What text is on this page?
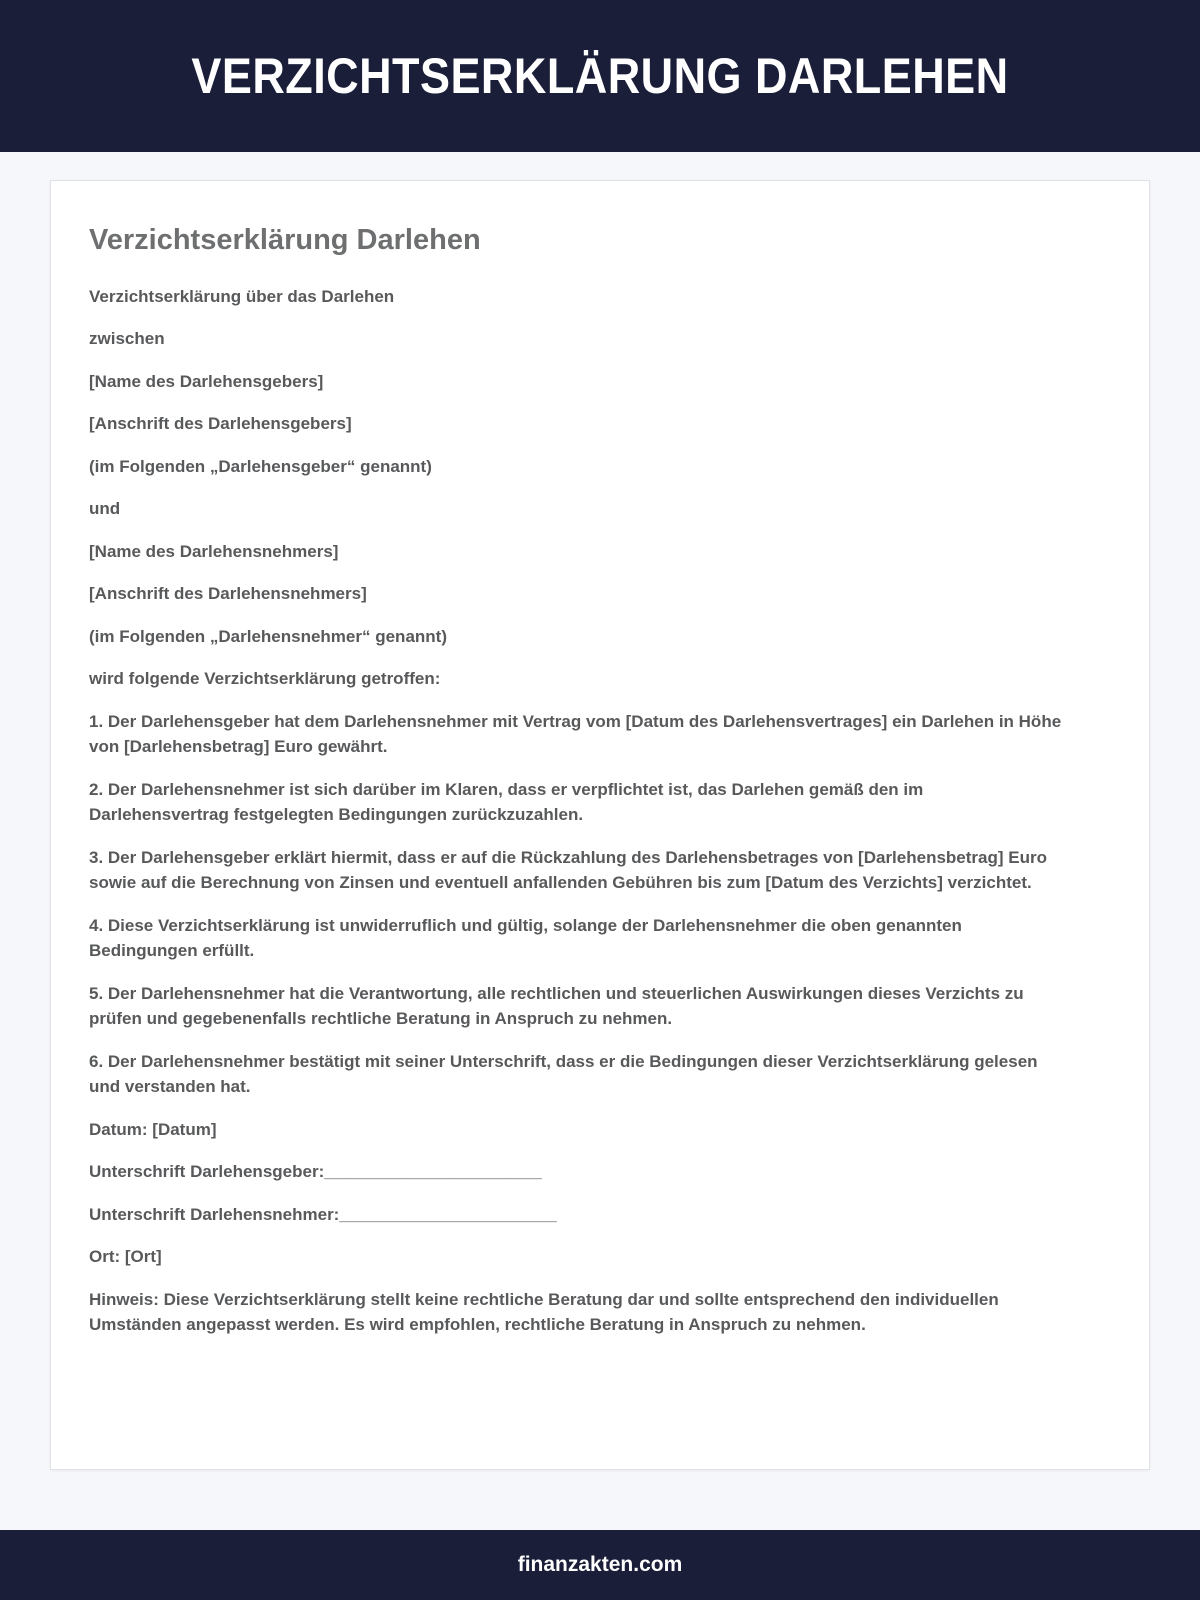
VERZICHTSERKLÄRUNG DARLEHEN
Verzichtserklärung Darlehen

Verzichtserklärung über das Darlehen

zwischen

[Name des Darlehensgebers]

[Anschrift des Darlehensgebers]

(im Folgenden „Darlehensgeber“ genannt)

und

[Name des Darlehensnehmers]

[Anschrift des Darlehensnehmers]

(im Folgenden „Darlehensnehmer“ genannt)

wird folgende Verzichtserklärung getroffen:

1. Der Darlehensgeber hat dem Darlehensnehmer mit Vertrag vom [Datum des Darlehensvertrages] ein Darlehen in Höhe von [Darlehensbetrag] Euro gewährt.

2. Der Darlehensnehmer ist sich darüber im Klaren, dass er verpflichtet ist, das Darlehen gemäß den im Darlehensvertrag festgelegten Bedingungen zurückzuzahlen.

3. Der Darlehensgeber erklärt hiermit, dass er auf die Rückzahlung des Darlehensbetrages von [Darlehensbetrag] Euro sowie auf die Berechnung von Zinsen und eventuell anfallenden Gebühren bis zum [Datum des Verzichts] verzichtet.

4. Diese Verzichtserklärung ist unwiderruflich und gültig, solange der Darlehensnehmer die oben genannten Bedingungen erfüllt.

5. Der Darlehensnehmer hat die Verantwortung, alle rechtlichen und steuerlichen Auswirkungen dieses Verzichts zu prüfen und gegebenenfalls rechtliche Beratung in Anspruch zu nehmen.

6. Der Darlehensnehmer bestätigt mit seiner Unterschrift, dass er die Bedingungen dieser Verzichtserklärung gelesen und verstanden hat.

Datum: [Datum]

Unterschrift Darlehensgeber:_______________________

Unterschrift Darlehensnehmer:_______________________

Ort: [Ort]

Hinweis: Diese Verzichtserklärung stellt keine rechtliche Beratung dar und sollte entsprechend den individuellen Umständen angepasst werden. Es wird empfohlen, rechtliche Beratung in Anspruch zu nehmen.

finanzakten.com
